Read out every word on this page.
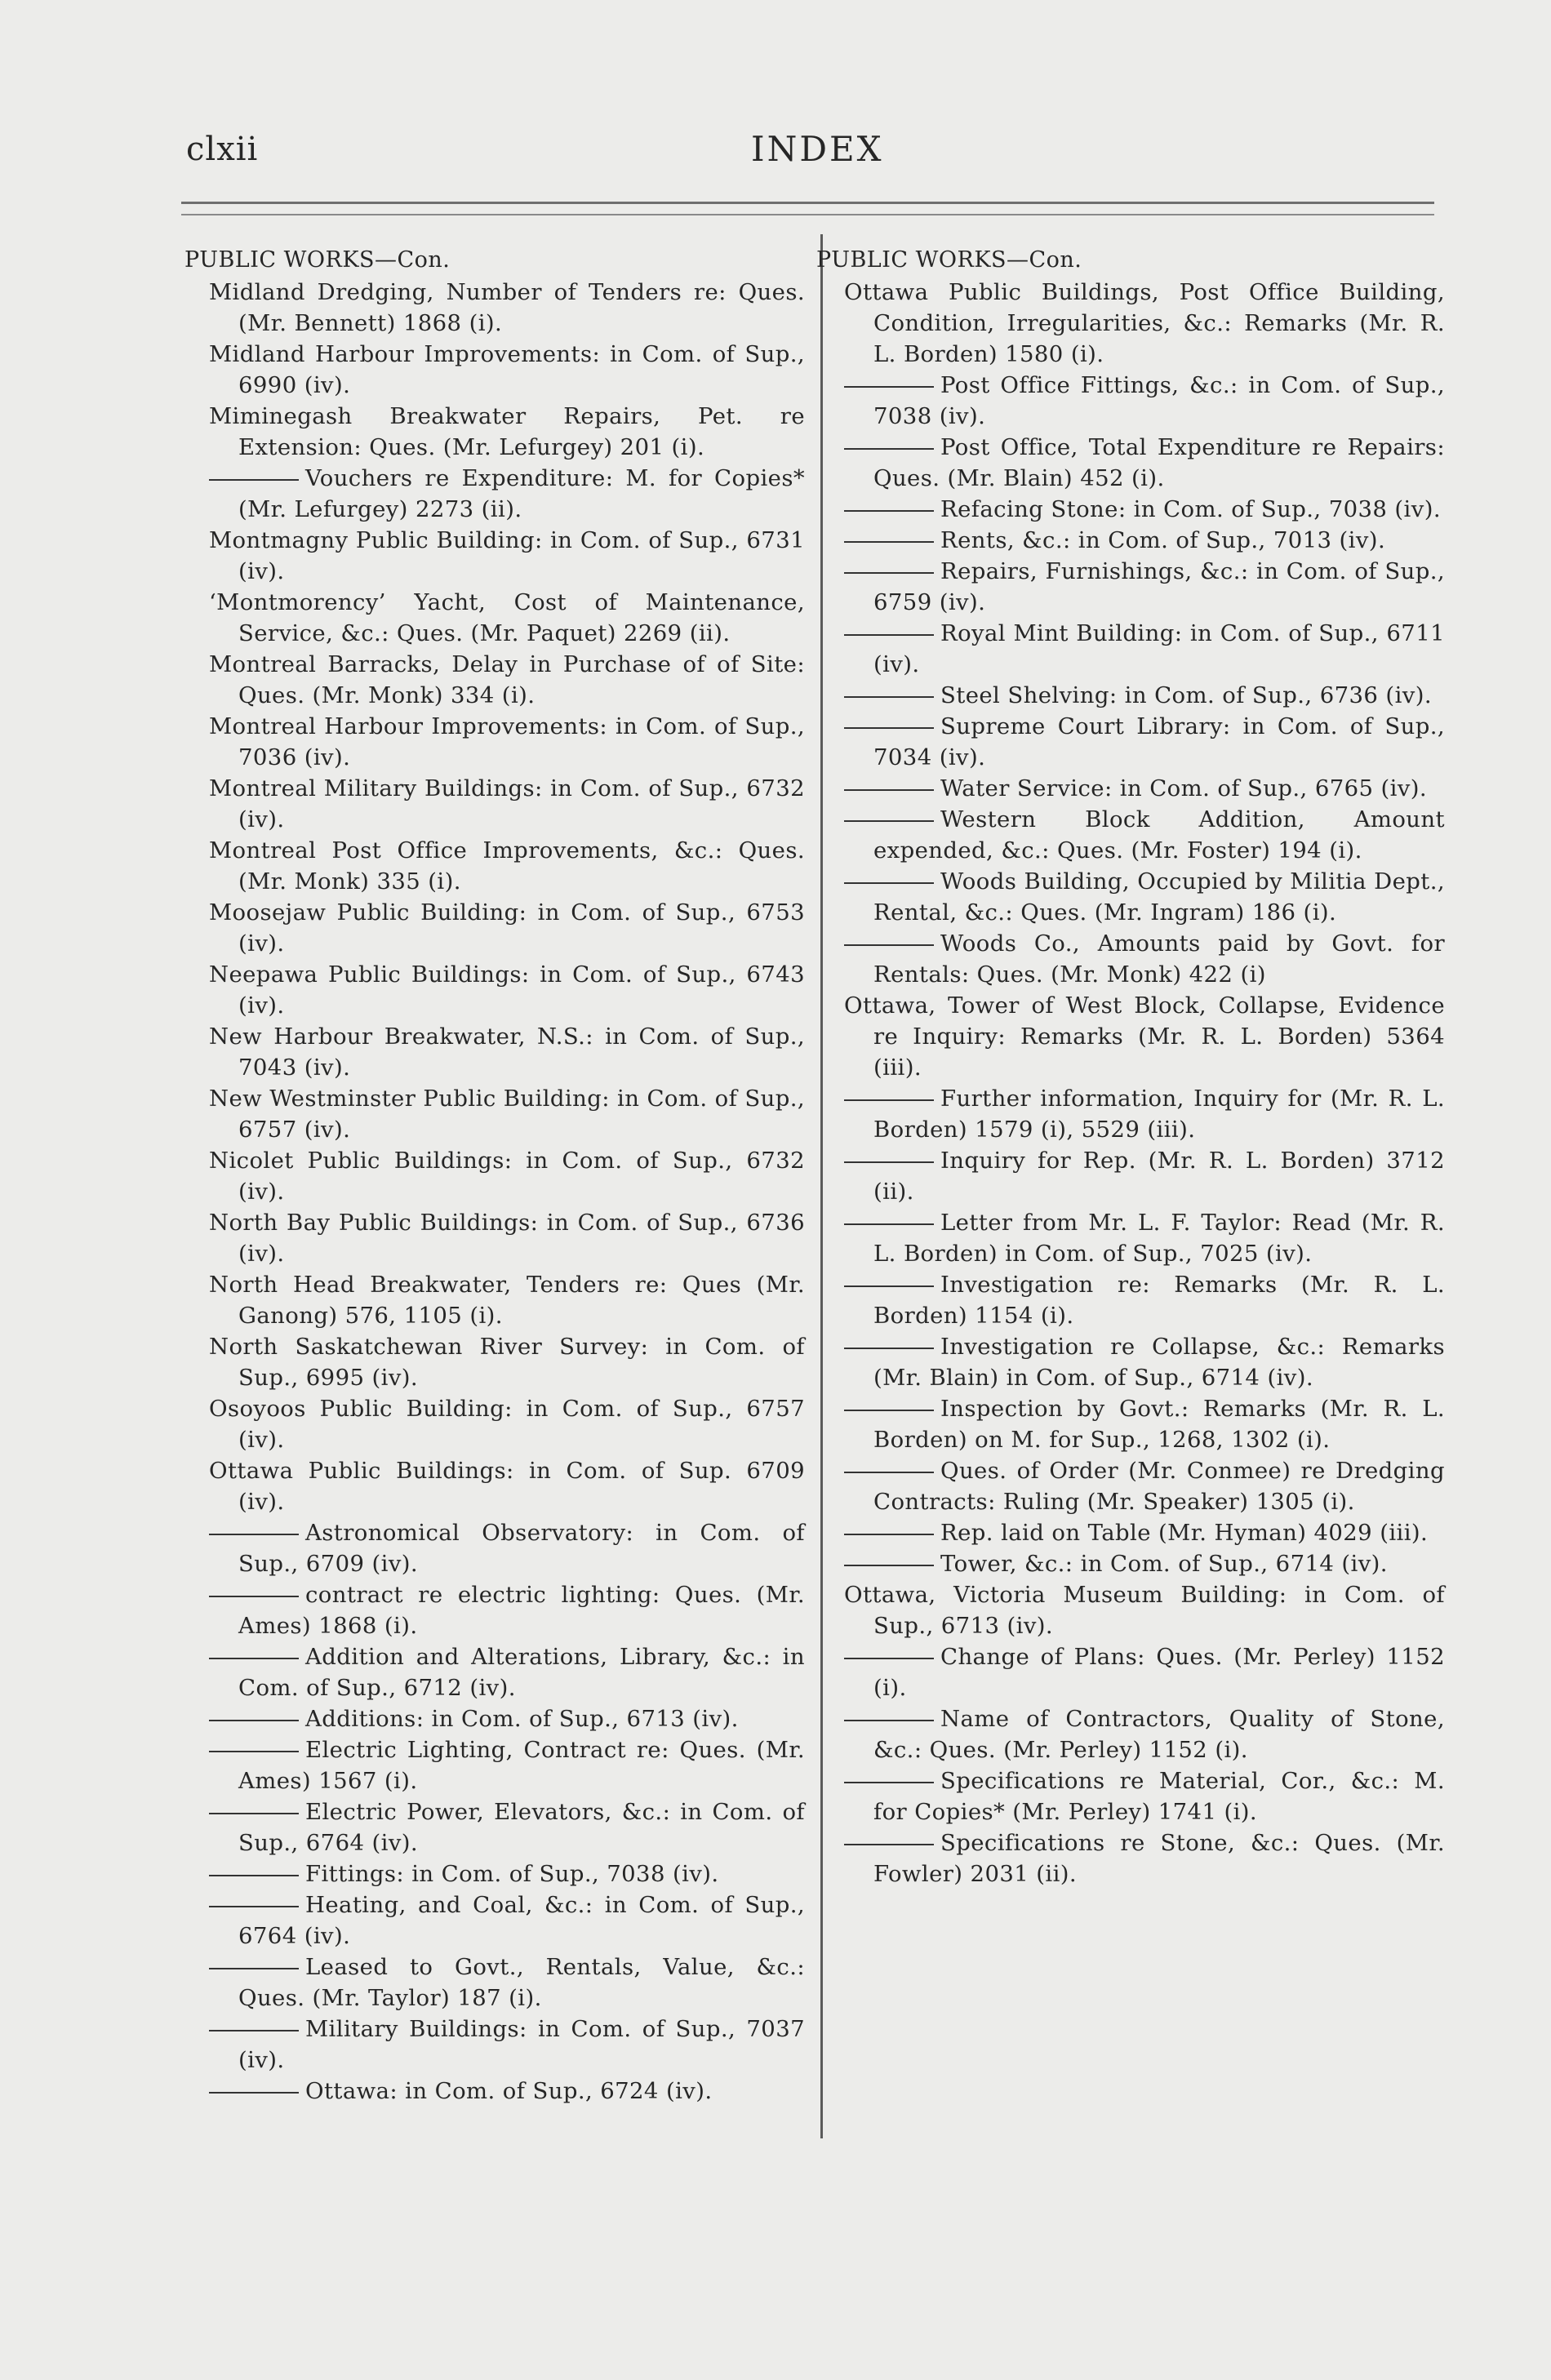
clxii	INDEX
PUBLIC WORKS—Con.

Midland Dredging, Number of Tenders re: Ques. (Mr. Bennett) 1868 (i).

Midland Harbour Improvements: in Com. of Sup., 6990 (iv).

Miminegash Breakwater Repairs, Pet. re Extension: Ques. (Mr. Lefurgey) 201 (i).

Vouchers re Expenditure: M. for Copies* (Mr. Lefurgey) 2273 (ii).

Montmagny Public Building: in Com. of Sup., 6731 (iv).

‘Montmorency’ Yacht, Cost of Maintenance, Service, &c.: Ques. (Mr. Paquet) 2269 (ii).

Montreal Barracks, Delay in Purchase of of Site: Ques. (Mr. Monk) 334 (i).

Montreal Harbour Improvements: in Com. of Sup., 7036 (iv).

Montreal Military Buildings: in Com. of Sup., 6732 (iv).

Montreal Post Office Improvements, &c.: Ques. (Mr. Monk) 335 (i).

Moosejaw Public Building: in Com. of Sup., 6753 (iv).

Neepawa Public Buildings: in Com. of Sup., 6743 (iv).

New Harbour Breakwater, N.S.: in Com. of Sup., 7043 (iv).

New Westminster Public Building: in Com. of Sup., 6757 (iv).

Nicolet Public Buildings: in Com. of Sup., 6732 (iv).

North Bay Public Buildings: in Com. of Sup., 6736 (iv).

North Head Breakwater, Tenders re: Ques (Mr. Ganong) 576, 1105 (i).

North Saskatchewan River Survey: in Com. of Sup., 6995 (iv).

Osoyoos Public Building: in Com. of Sup., 6757 (iv).

Ottawa Public Buildings: in Com. of Sup. 6709 (iv).

Astronomical Observatory: in Com. of Sup., 6709 (iv).

contract re electric lighting: Ques. (Mr. Ames) 1868 (i).

Addition and Alterations, Library, &c.: in Com. of Sup., 6712 (iv).

Additions: in Com. of Sup., 6713 (iv).

Electric Lighting, Contract re: Ques. (Mr. Ames) 1567 (i).

Electric Power, Elevators, &c.: in Com. of Sup., 6764 (iv).

Fittings: in Com. of Sup., 7038 (iv).

Heating, and Coal, &c.: in Com. of Sup., 6764 (iv).

Leased to Govt., Rentals, Value, &c.: Ques. (Mr. Taylor) 187 (i).

Military Buildings: in Com. of Sup., 7037 (iv).

Ottawa: in Com. of Sup., 6724 (iv).

PUBLIC WORKS—Con.

Ottawa Public Buildings, Post Office Building, Condition, Irregularities, &c.: Remarks (Mr. R. L. Borden) 1580 (i).

Post Office Fittings, &c.: in Com. of Sup., 7038 (iv).

Post Office, Total Expenditure re Repairs: Ques. (Mr. Blain) 452 (i).

Refacing Stone: in Com. of Sup., 7038 (iv).

Rents, &c.: in Com. of Sup., 7013 (iv).

Repairs, Furnishings, &c.: in Com. of Sup., 6759 (iv).

Royal Mint Building: in Com. of Sup., 6711 (iv).

Steel Shelving: in Com. of Sup., 6736 (iv).

Supreme Court Library: in Com. of Sup., 7034 (iv).

Water Service: in Com. of Sup., 6765 (iv).

Western Block Addition, Amount expended, &c.: Ques. (Mr. Foster) 194 (i).

Woods Building, Occupied by Militia Dept., Rental, &c.: Ques. (Mr. Ingram) 186 (i).

Woods Co., Amounts paid by Govt. for Rentals: Ques. (Mr. Monk) 422 (i)

Ottawa, Tower of West Block, Collapse, Evidence re Inquiry: Remarks (Mr. R. L. Borden) 5364 (iii).

Further information, Inquiry for (Mr. R. L. Borden) 1579 (i), 5529 (iii).

Inquiry for Rep. (Mr. R. L. Borden) 3712 (ii).

Letter from Mr. L. F. Taylor: Read (Mr. R. L. Borden) in Com. of Sup., 7025 (iv).

Investigation re: Remarks (Mr. R. L. Borden) 1154 (i).

Investigation re Collapse, &c.: Remarks (Mr. Blain) in Com. of Sup., 6714 (iv).

Inspection by Govt.: Remarks (Mr. R. L. Borden) on M. for Sup., 1268, 1302 (i).

Ques. of Order (Mr. Conmee) re Dredging Contracts: Ruling (Mr. Speaker) 1305 (i).

Rep. laid on Table (Mr. Hyman) 4029 (iii).

Tower, &c.: in Com. of Sup., 6714 (iv).

Ottawa, Victoria Museum Building: in Com. of Sup., 6713 (iv).

Change of Plans: Ques. (Mr. Perley) 1152 (i).

Name of Contractors, Quality of Stone, &c.: Ques. (Mr. Perley) 1152 (i).

Specifications re Material, Cor., &c.: M. for Copies* (Mr. Perley) 1741 (i).

Specifications re Stone, &c.: Ques. (Mr. Fowler) 2031 (ii).
